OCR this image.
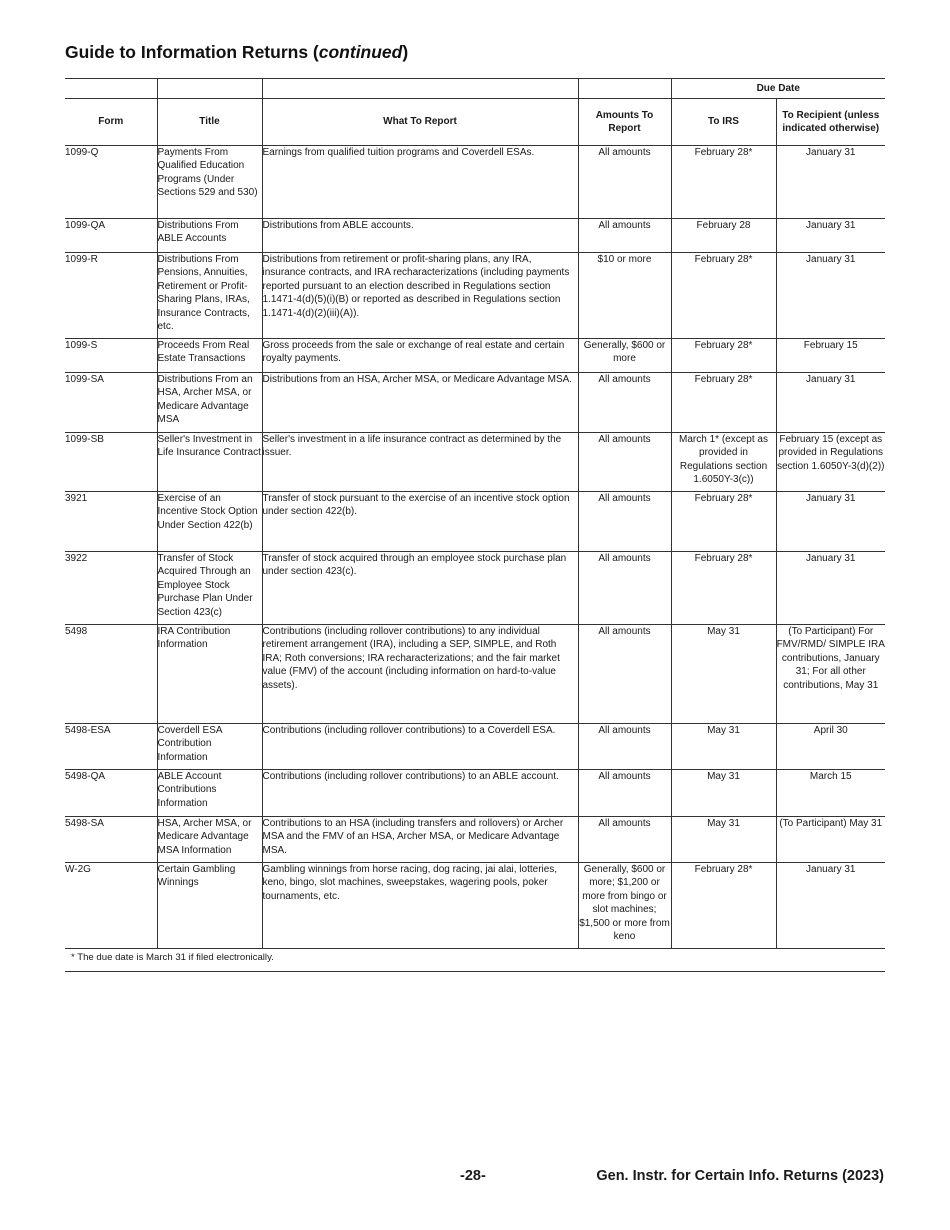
Guide to Information Returns (continued)
				Due Date	
Form	Title	What To Report	Amounts To Report	To IRS	To Recipient (unless indicated otherwise)
1099-Q	Payments From Qualified Education Programs (Under Sections 529 and 530)	Earnings from qualified tuition programs and Coverdell ESAs.	All amounts	February 28*	January 31
1099-QA	Distributions From ABLE Accounts	Distributions from ABLE accounts.	All amounts	February 28	January 31
1099-R	Distributions From Pensions, Annuities, Retirement or Profit-Sharing Plans, IRAs, Insurance Contracts, etc.	Distributions from retirement or profit-sharing plans, any IRA, insurance contracts, and IRA recharacterizations (including payments reported pursuant to an election described in Regulations section 1.1471-4(d)(5)(i)(B) or reported as described in Regulations section 1.1471-4(d)(2)(iii)(A)).	$10 or more	February 28*	January 31
1099-S	Proceeds From Real Estate Transactions	Gross proceeds from the sale or exchange of real estate and certain royalty payments.	Generally, $600 or more	February 28*	February 15
1099-SA	Distributions From an HSA, Archer MSA, or Medicare Advantage MSA	Distributions from an HSA, Archer MSA, or Medicare Advantage MSA.	All amounts	February 28*	January 31
1099-SB	Seller's Investment in Life Insurance Contract	Seller's investment in a life insurance contract as determined by the issuer.	All amounts	March 1* (except as provided in Regulations section 1.6050Y-3(c))	February 15 (except as provided in Regulations section 1.6050Y-3(d)(2))
3921	Exercise of an Incentive Stock Option Under Section 422(b)	Transfer of stock pursuant to the exercise of an incentive stock option under section 422(b).	All amounts	February 28*	January 31
3922	Transfer of Stock Acquired Through an Employee Stock Purchase Plan Under Section 423(c)	Transfer of stock acquired through an employee stock purchase plan under section 423(c).	All amounts	February 28*	January 31
5498	IRA Contribution Information	Contributions (including rollover contributions) to any individual retirement arrangement (IRA), including a SEP, SIMPLE, and Roth IRA; Roth conversions; IRA recharacterizations; and the fair market value (FMV) of the account (including information on hard-to-value assets).	All amounts	May 31	(To Participant) For FMV/RMD/ SIMPLE IRA contributions, January 31; For all other contributions, May 31
5498-ESA	Coverdell ESA Contribution Information	Contributions (including rollover contributions) to a Coverdell ESA.	All amounts	May 31	April 30
5498-QA	ABLE Account Contributions Information	Contributions (including rollover contributions) to an ABLE account.	All amounts	May 31	March 15
5498-SA	HSA, Archer MSA, or Medicare Advantage MSA Information	Contributions to an HSA (including transfers and rollovers) or Archer MSA and the FMV of an HSA, Archer MSA, or Medicare Advantage MSA.	All amounts	May 31	(To Participant) May 31
W-2G	Certain Gambling Winnings	Gambling winnings from horse racing, dog racing, jai alai, lotteries, keno, bingo, slot machines, sweepstakes, wagering pools, poker tournaments, etc.	Generally, $600 or more; $1,200 or more from bingo or slot machines; $1,500 or more from keno	February 28*	January 31
* The due date is March 31 if filed electronically.
-28-	Gen. Instr. for Certain Info. Returns (2023)
